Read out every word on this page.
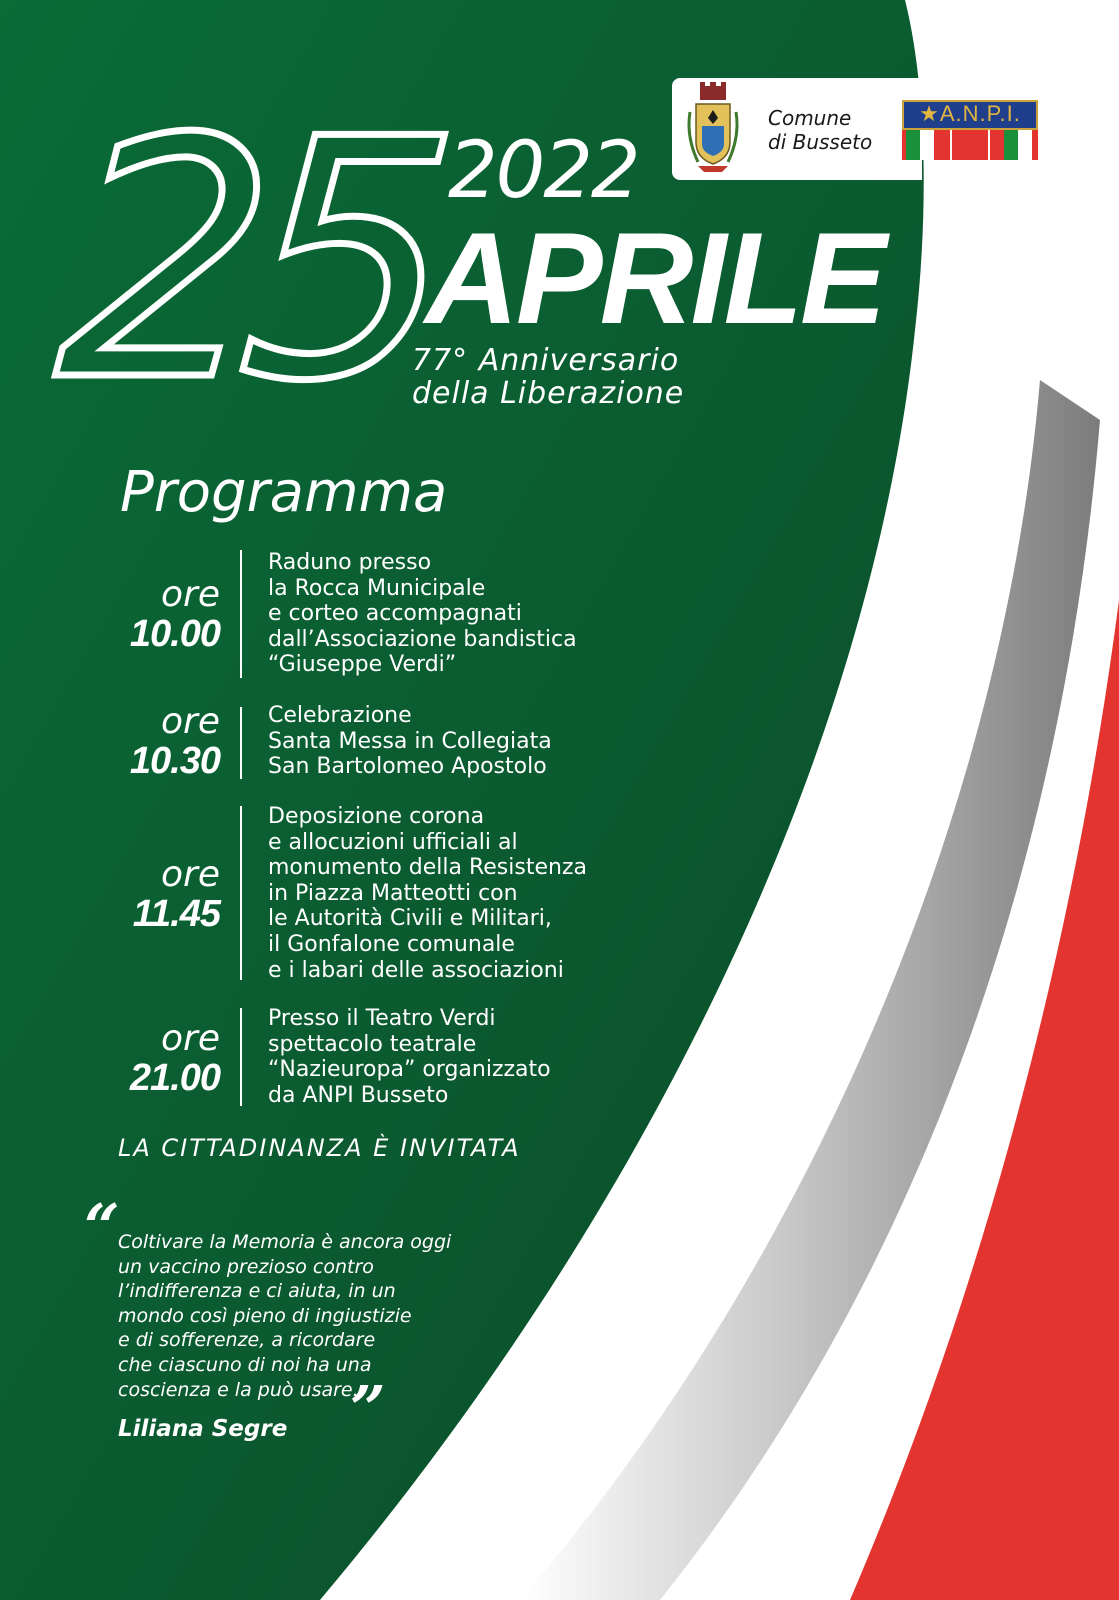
25 2022
APRILE
77° Anniversario
della Liberazione
Comune
di Busseto
★A.N.P.I.
Programma
ore
10.00
Raduno presso
la Rocca Municipale
e corteo accompagnati
dall’Associazione bandistica
“Giuseppe Verdi”
ore
10.30
Celebrazione
Santa Messa in Collegiata
San Bartolomeo Apostolo
ore
11.45
Deposizione corona
e allocuzioni ufficiali al
monumento della Resistenza
in Piazza Matteotti con
le Autorità Civili e Militari,
il Gonfalone comunale
e i labari delle associazioni
ore
21.00
Presso il Teatro Verdi
spettacolo teatrale
“Nazieuropa” organizzato
da ANPI Busseto
LA CITTADINANZA È INVITATA
“
Coltivare la Memoria è ancora oggi
un vaccino prezioso contro
l’indifferenza e ci aiuta, in un
mondo così pieno di ingiustizie
e di sofferenze, a ricordare
che ciascuno di noi ha una
coscienza e la può usare.
”
Liliana Segre
